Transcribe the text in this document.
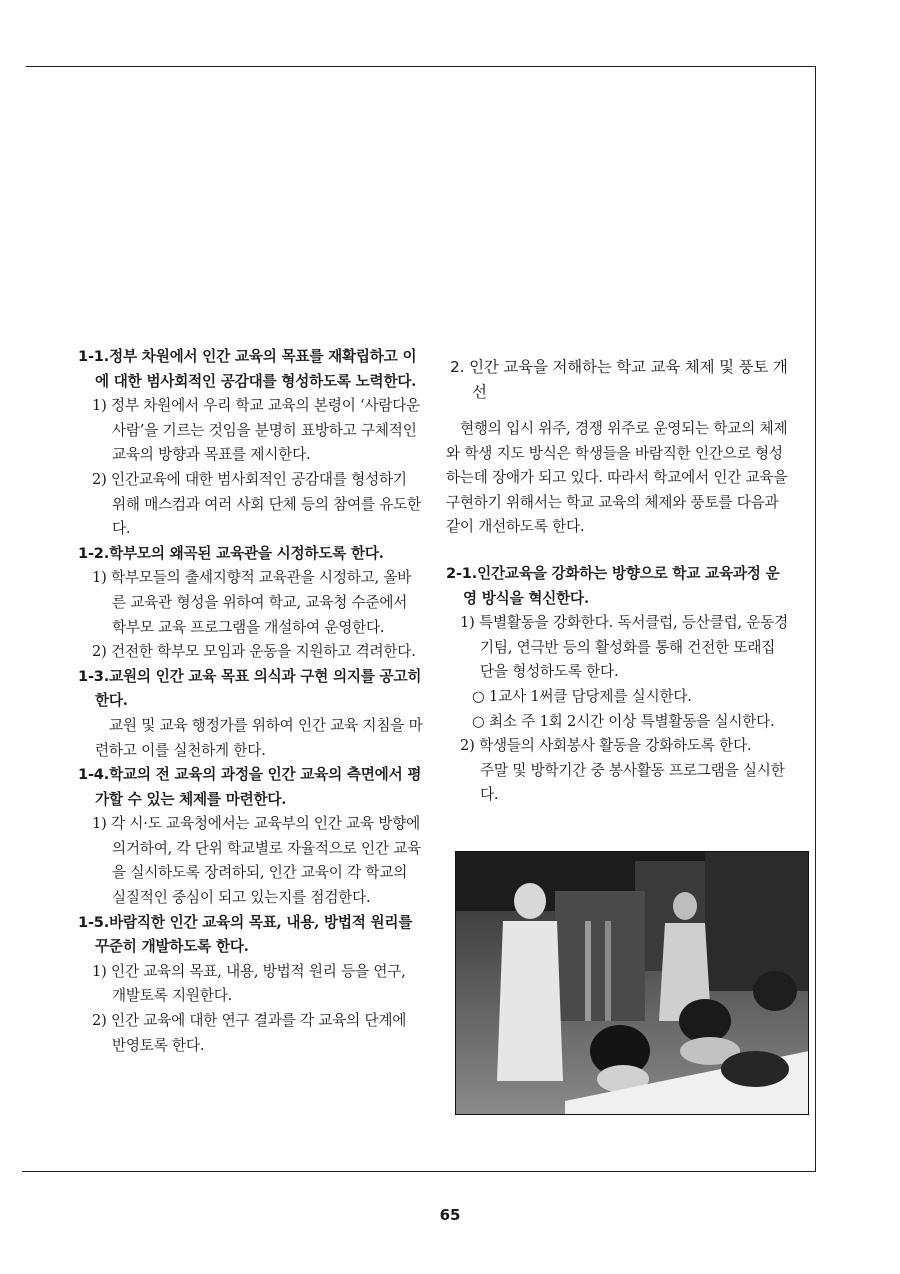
1-1.정부 차원에서 인간 교육의 목표를 재확립하고 이에 대한 범사회적인 공감대를 형성하도록 노력한다.

1) 정부 차원에서 우리 학교 교육의 본령이 ‘사람다운 사람’을 기르는 것임을 분명히 표방하고 구체적인 교육의 방향과 목표를 제시한다.

2) 인간교육에 대한 범사회적인 공감대를 형성하기 위해 매스컴과 여러 사회 단체 등의 참여를 유도한다.

1-2.학부모의 왜곡된 교육관을 시정하도록 한다.

1) 학부모들의 출세지향적 교육관을 시정하고, 올바른 교육관 형성을 위하여 학교, 교육청 수준에서 학부모 교육 프로그램을 개설하여 운영한다.

2) 건전한 학부모 모임과 운동을 지원하고 격려한다.

1-3.교원의 인간 교육 목표 의식과 구현 의지를 공고히 한다.

교원 및 교육 행정가를 위하여 인간 교육 지침을 마련하고 이를 실천하게 한다.

1-4.학교의 전 교육의 과정을 인간 교육의 측면에서 평가할 수 있는 체제를 마련한다.

1) 각 시·도 교육청에서는 교육부의 인간 교육 방향에 의거하여, 각 단위 학교별로 자율적으로 인간 교육을 실시하도록 장려하되, 인간 교육이 각 학교의 실질적인 중심이 되고 있는지를 점검한다.

1-5.바람직한 인간 교육의 목표, 내용, 방법적 원리를 꾸준히 개발하도록 한다.

1) 인간 교육의 목표, 내용, 방법적 원리 등을 연구, 개발토록 지원한다.

2) 인간 교육에 대한 연구 결과를 각 교육의 단계에 반영토록 한다.

2. 인간 교육을 저해하는 학교 교육 체제 및 풍토 개선

현행의 입시 위주, 경쟁 위주로 운영되는 학교의 체제와 학생 지도 방식은 학생들을 바람직한 인간으로 형성하는데 장애가 되고 있다. 따라서 학교에서 인간 교육을 구현하기 위해서는 학교 교육의 체제와 풍토를 다음과 같이 개선하도록 한다.

2-1.인간교육을 강화하는 방향으로 학교 교육과정 운영 방식을 혁신한다.

1) 특별활동을 강화한다. 독서클럽, 등산클럽, 운동경기팀, 연극반 등의 활성화를 통해 건전한 또래집단을 형성하도록 한다.

○ 1교사 1써클 담당제를 실시한다.

○ 최소 주 1회 2시간 이상 특별활동을 실시한다.

2) 학생들의 사회봉사 활동을 강화하도록 한다.

주말 및 방학기간 중 봉사활동 프로그램을 실시한다.

65
